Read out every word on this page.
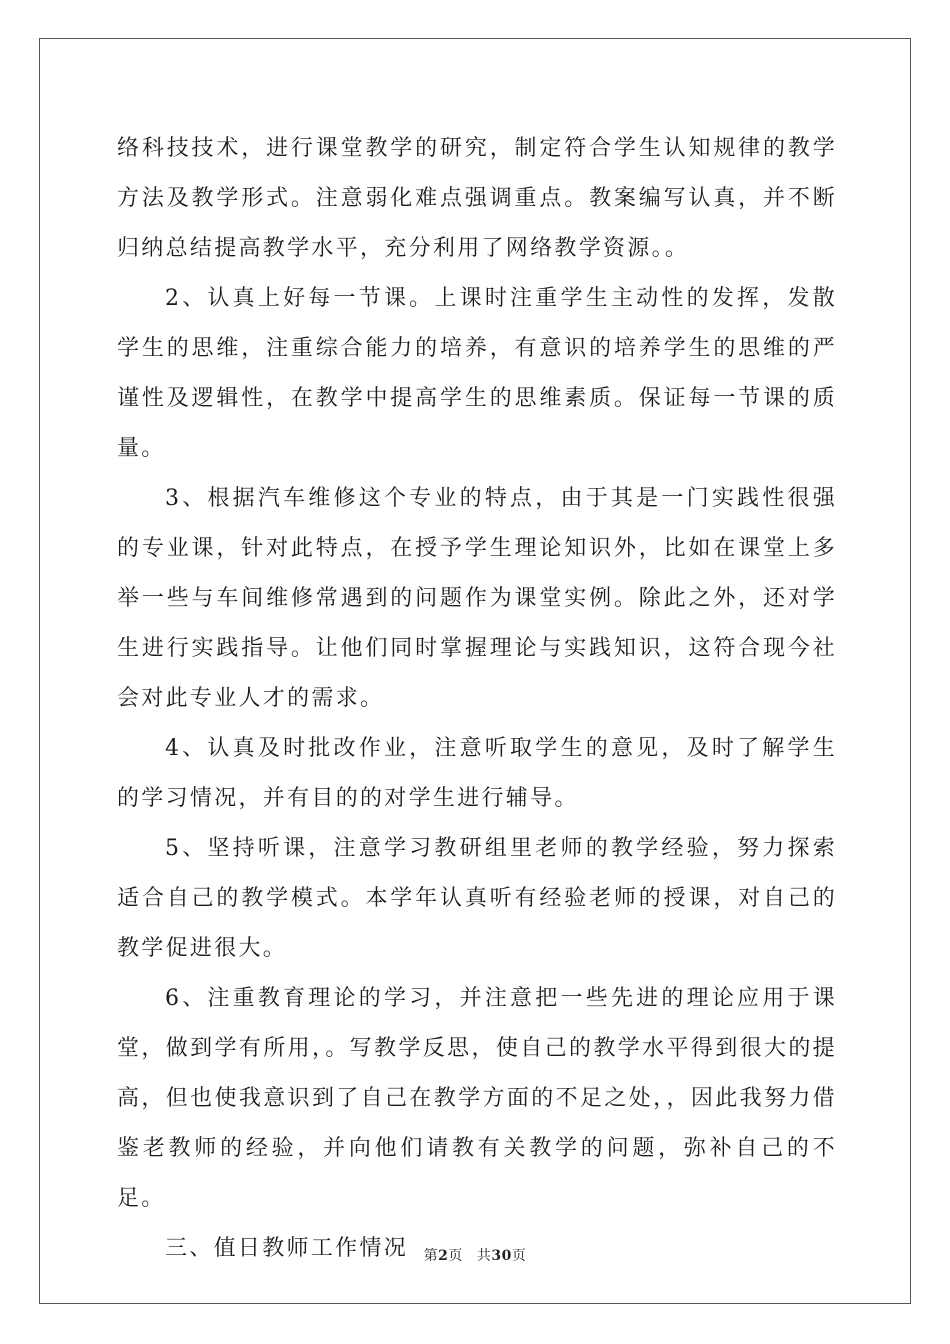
络科技技术，进行课堂教学的研究，制定符合学生认知规律的教学方法及教学形式。注意弱化难点强调重点。教案编写认真，并不断归纳总结提高教学水平，充分利用了网络教学资源。。

2、认真上好每一节课。上课时注重学生主动性的发挥，发散学生的思维，注重综合能力的培养，有意识的培养学生的思维的严谨性及逻辑性，在教学中提高学生的思维素质。保证每一节课的质量。

3、根据汽车维修这个专业的特点，由于其是一门实践性很强的专业课，针对此特点，在授予学生理论知识外，比如在课堂上多举一些与车间维修常遇到的问题作为课堂实例。除此之外，还对学生进行实践指导。让他们同时掌握理论与实践知识，这符合现今社会对此专业人才的需求。

4、认真及时批改作业，注意听取学生的意见，及时了解学生的学习情况，并有目的的对学生进行辅导。

5、坚持听课，注意学习教研组里老师的教学经验，努力探索适合自己的教学模式。本学年认真听有经验老师的授课，对自己的教学促进很大。

6、注重教育理论的学习，并注意把一些先进的理论应用于课堂，做到学有所用，。写教学反思，使自己的教学水平得到很大的提高，但也使我意识到了自己在教学方面的不足之处，，因此我努力借鉴老教师的经验，并向他们请教有关教学的问题，弥补自己的不足。

三、值日教师工作情况	第2页 共30页
